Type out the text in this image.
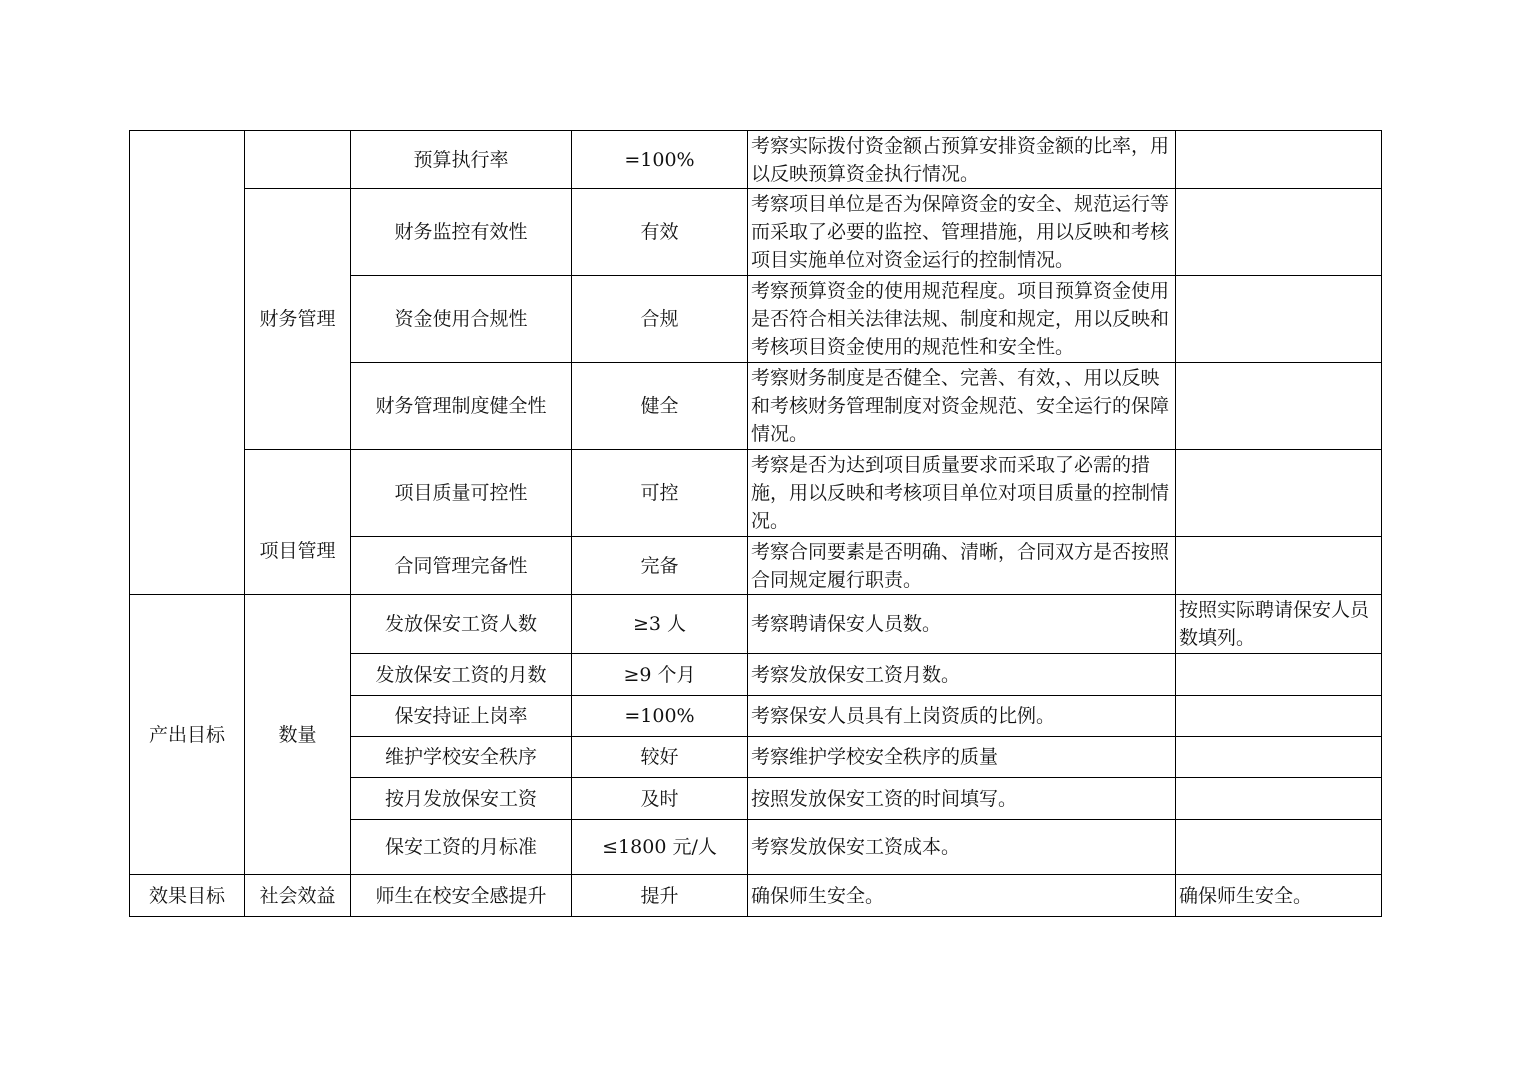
		预算执行率	=100%	考察实际拨付资金额占预算安排资金额的比率，用以反映预算资金执行情况。	
	财务管理	财务监控有效性	有效	考察项目单位是否为保障资金的安全、规范运行等而采取了必要的监控、管理措施，用以反映和考核项目实施单位对资金运行的控制情况。	
		资金使用合规性	合规	考察预算资金的使用规范程度。项目预算资金使用是否符合相关法律法规、制度和规定，用以反映和考核项目资金使用的规范性和安全性。	
		财务管理制度健全性	健全	考察财务制度是否健全、完善、有效，、用以反映和考核财务管理制度对资金规范、安全运行的保障情况。	
	项目管理	项目质量可控性	可控	考察是否为达到项目质量要求而采取了必需的措施，用以反映和考核项目单位对项目质量的控制情况。	
		合同管理完备性	完备	考察合同要素是否明确、清晰，合同双方是否按照合同规定履行职责。	
产出目标	数量	发放保安工资人数	≥3 人	考察聘请保安人员数。	按照实际聘请保安人员数填列。
		发放保安工资的月数	≥9 个月	考察发放保安工资月数。	
		保安持证上岗率	=100%	考察保安人员具有上岗资质的比例。	
		维护学校安全秩序	较好	考察维护学校安全秩序的质量	
		按月发放保安工资	及时	按照发放保安工资的时间填写。	
		保安工资的月标准	≤1800 元/人	考察发放保安工资成本。	
效果目标	社会效益	师生在校安全感提升	提升	确保师生安全。	确保师生安全。
